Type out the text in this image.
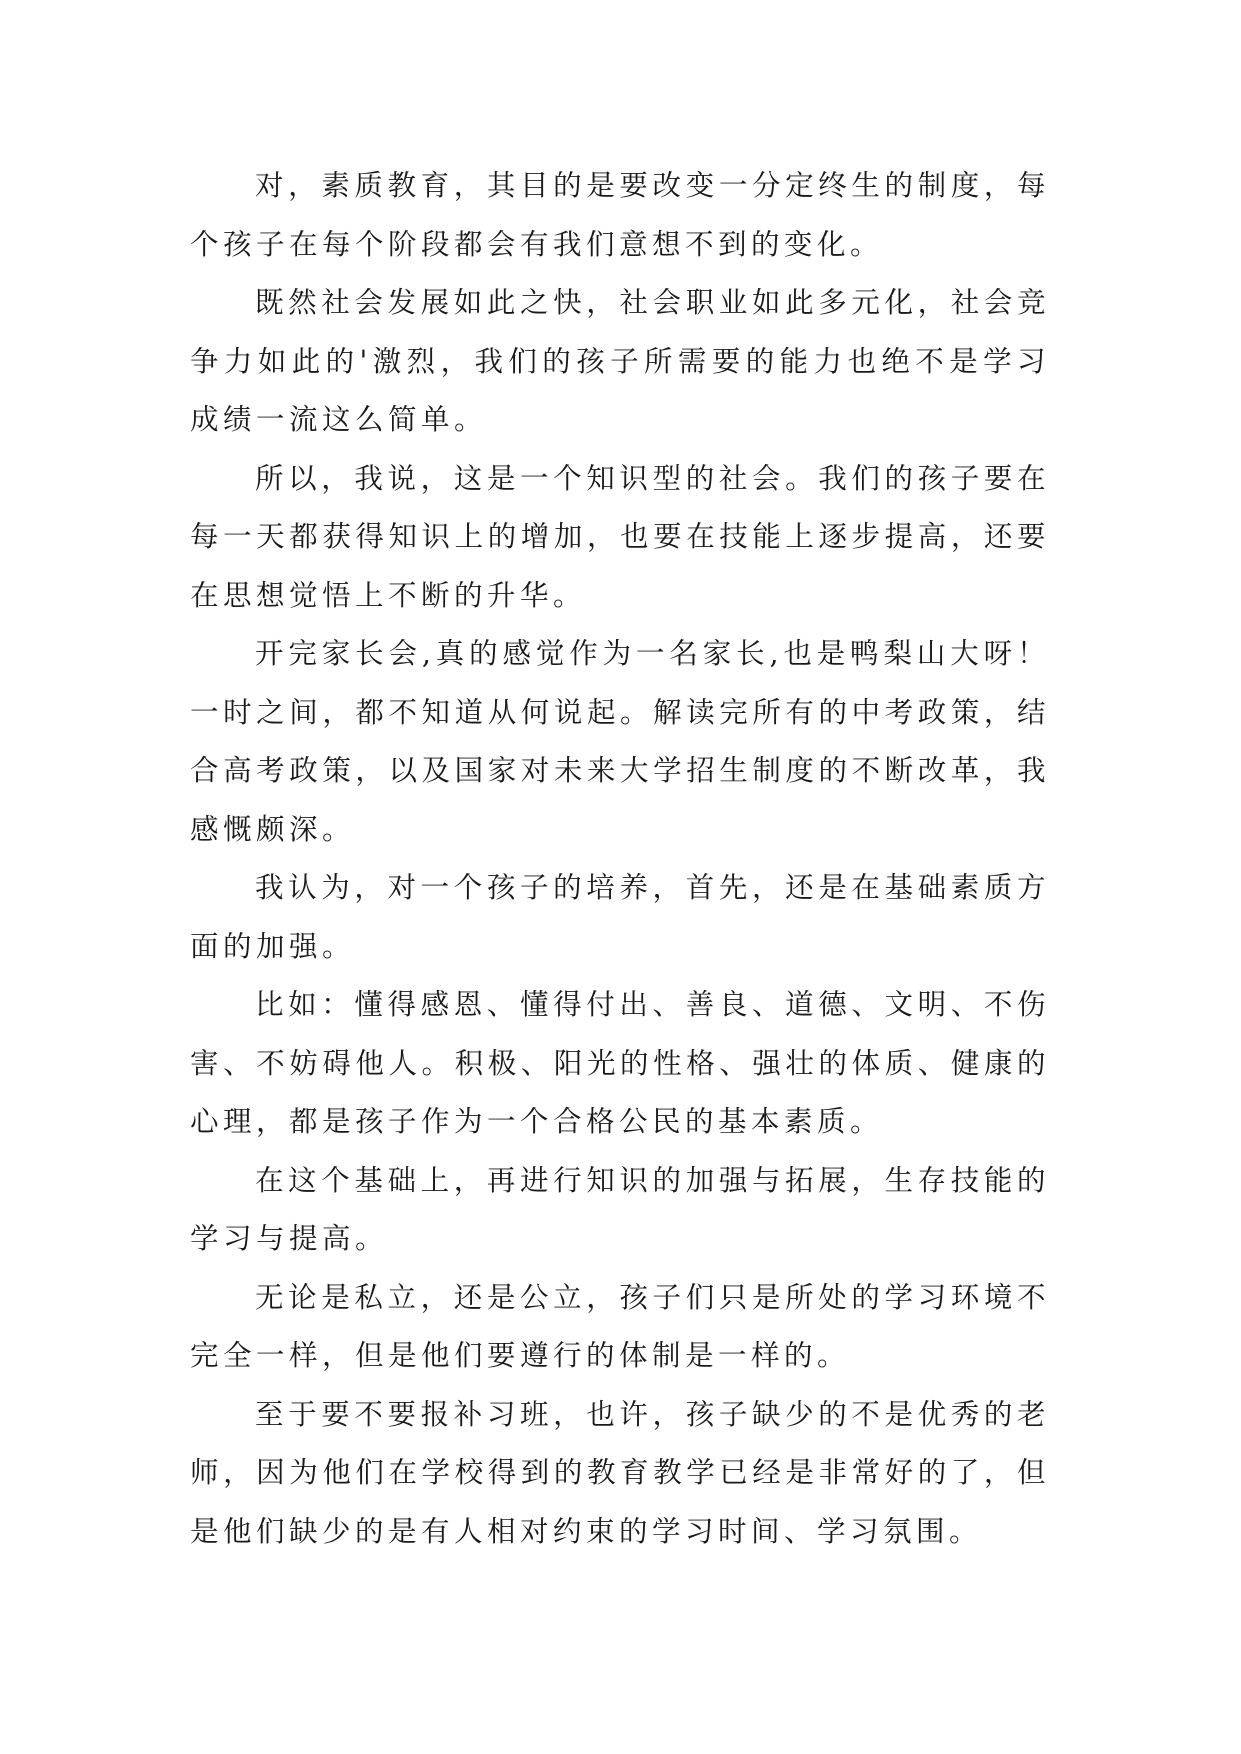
对，素质教育，其目的是要改变一分定终生的制度，每个孩子在每个阶段都会有我们意想不到的变化。

既然社会发展如此之快，社会职业如此多元化，社会竞争力如此的'激烈，我们的孩子所需要的能力也绝不是学习成绩一流这么简单。

所以，我说，这是一个知识型的社会。我们的孩子要在每一天都获得知识上的增加，也要在技能上逐步提高，还要在思想觉悟上不断的升华。

开完家长会,真的感觉作为一名家长,也是鸭梨山大呀！一时之间，都不知道从何说起。解读完所有的中考政策，结合高考政策，以及国家对未来大学招生制度的不断改革，我感慨颇深。

我认为，对一个孩子的培养，首先，还是在基础素质方面的加强。

比如：懂得感恩、懂得付出、善良、道德、文明、不伤害、不妨碍他人。积极、阳光的性格、强壮的体质、健康的心理，都是孩子作为一个合格公民的基本素质。

在这个基础上，再进行知识的加强与拓展，生存技能的学习与提高。

无论是私立，还是公立，孩子们只是所处的学习环境不完全一样，但是他们要遵行的体制是一样的。

至于要不要报补习班，也许，孩子缺少的不是优秀的老师，因为他们在学校得到的教育教学已经是非常好的了，但是他们缺少的是有人相对约束的学习时间、学习氛围。
